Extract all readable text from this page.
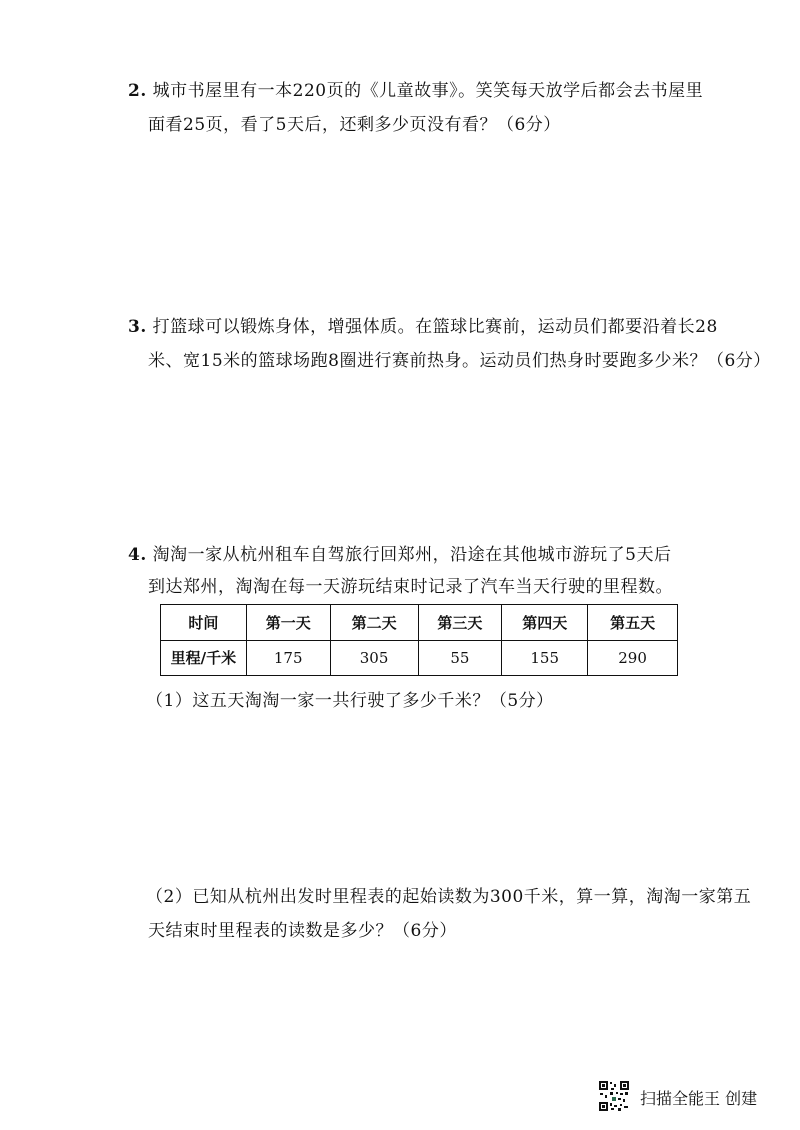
2. 城市书屋里有一本220页的《儿童故事》。笑笑每天放学后都会去书屋里
面看25页，看了5天后，还剩多少页没有看？（6分）
3. 打篮球可以锻炼身体，增强体质。在篮球比赛前，运动员们都要沿着长28
米、宽15米的篮球场跑8圈进行赛前热身。运动员们热身时要跑多少米？（6分）
4. 淘淘一家从杭州租车自驾旅行回郑州，沿途在其他城市游玩了5天后
到达郑州，淘淘在每一天游玩结束时记录了汽车当天行驶的里程数。
时间	第一天	第二天	第三天	第四天	第五天
里程/千米	175	305	55	155	290
（1）这五天淘淘一家一共行驶了多少千米？（5分）
（2）已知从杭州出发时里程表的起始读数为300千米，算一算，淘淘一家第五
天结束时里程表的读数是多少？（6分）
扫描全能王 创建
